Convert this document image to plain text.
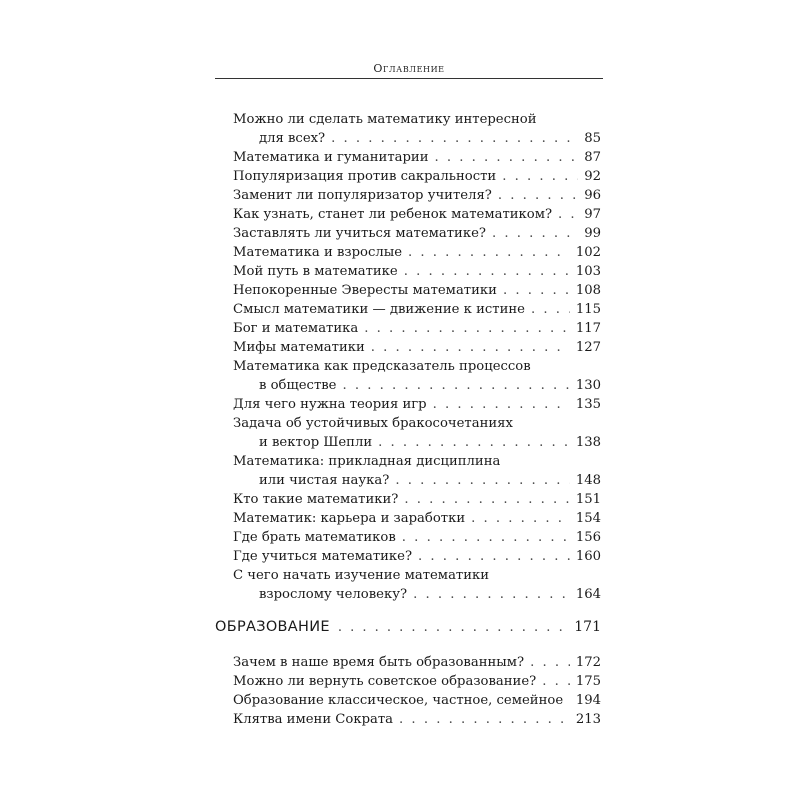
Оглавление
Можно ли сделать математику интересной
для всех? . . .	85
Математика и гуманитарии . . .	87
Популяризация против сакральности . . .	92
Заменит ли популяризатор учителя? . . .	96
Как узнать, станет ли ребенок математиком? . . . 97
Заставлять ли учиться математике? . . .	99
Математика и взрослые . . .	102
Мой путь в математике . . .	103
Непокоренные Эвересты математики . . .	108
Смысл математики — движение к истине . . .	115
Бог и математика . . .	117
Мифы математики . . .	127
Математика как предсказатель процессов
в обществе . . .	130
Для чего нужна теория игр . . .	135
Задача об устойчивых бракосочетаниях
и вектор Шепли . . .	138
Математика: прикладная дисциплина
или чистая наука? . . .	148
Кто такие математики? . . .	151
Математик: карьера и заработки . . .	154
Где брать математиков . . .	156
Где учиться математике? . . .	160
С чего начать изучение математики
взрослому человеку? . . .	164
ОБРАЗОВАНИЕ . . .	171
Зачем в наше время быть образованным? . . .	172
Можно ли вернуть советское образование? . . .	175
Образование классическое, частное, семейное . . . 194
Клятва имени Сократа . . .	213
